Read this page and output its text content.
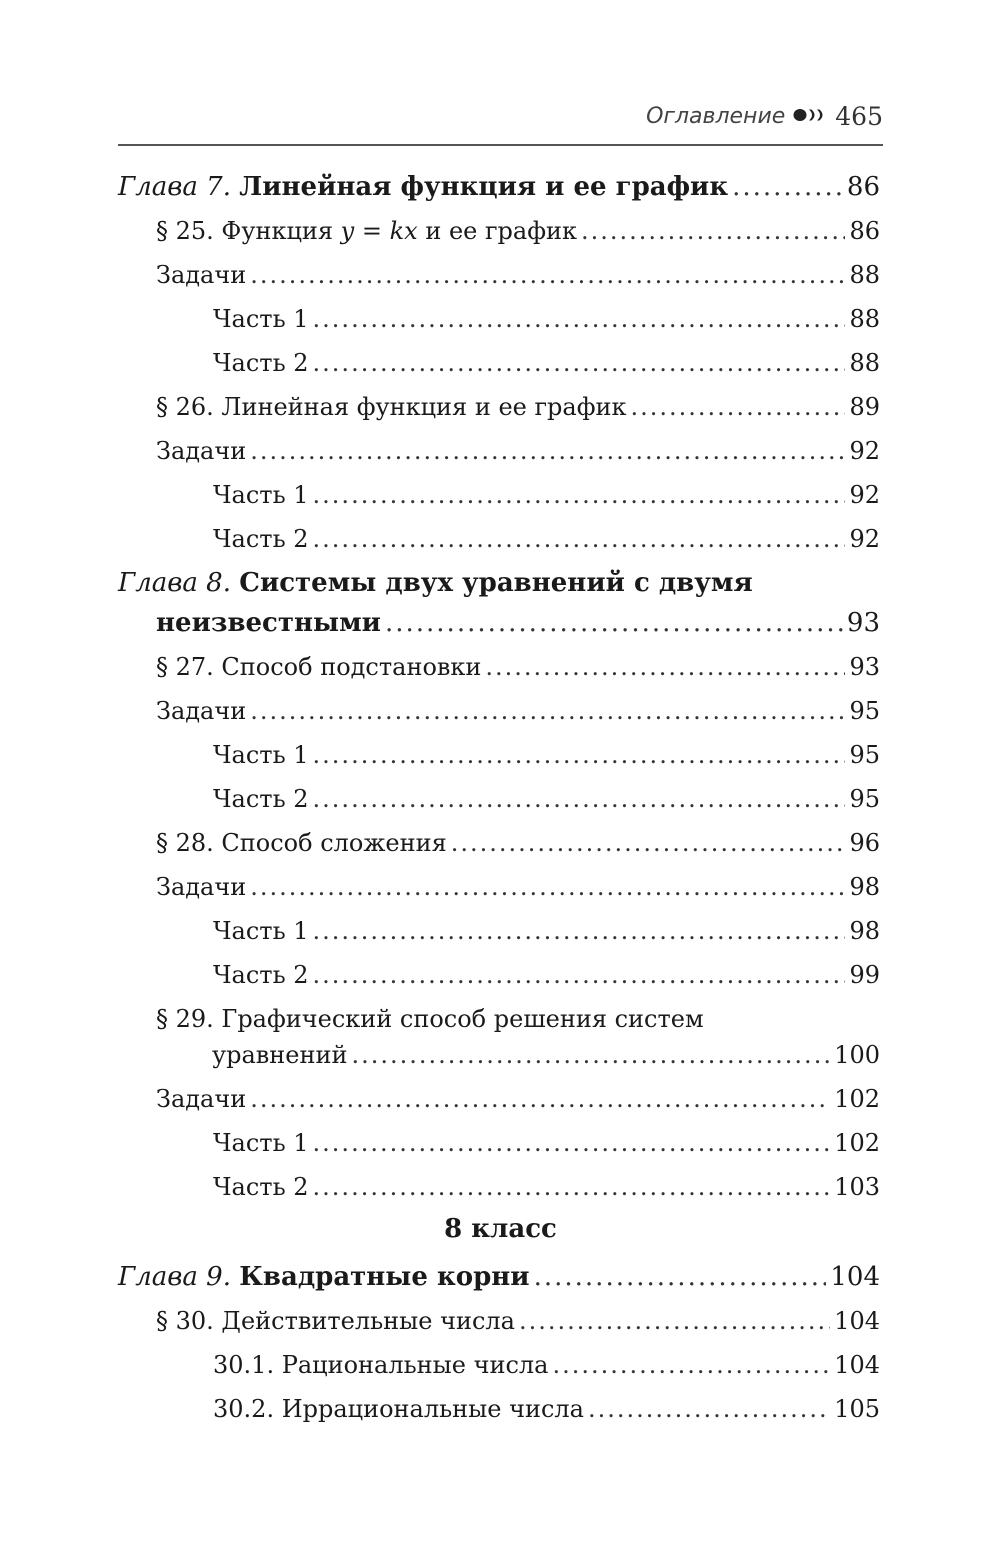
Оглавление 465
Глава 7. Линейная функция и ее график .....	86
§ 25. Функция y = kx и ее график .....	86
Задачи .....	88
Часть 1 .....	88
Часть 2 .....	88
§ 26. Линейная функция и ее график .....	89
Задачи .....	92
Часть 1 .....	92
Часть 2 .....	92
Глава 8. Системы двух уравнений с двумя
неизвестными .....	93
§ 27. Способ подстановки .....	93
Задачи .....	95
Часть 1 .....	95
Часть 2 .....	95
§ 28. Способ сложения .....	96
Задачи .....	98
Часть 1 .....	98
Часть 2 .....	99
§ 29. Графический способ решения систем
уравнений .....	100
Задачи .....	102
Часть 1 .....	102
Часть 2 .....	103
8 класс
Глава 9. Квадратные корни .....	104
§ 30. Действительные числа .....	104
30.1. Рациональные числа .....	104
30.2. Иррациональные числа .....	105
